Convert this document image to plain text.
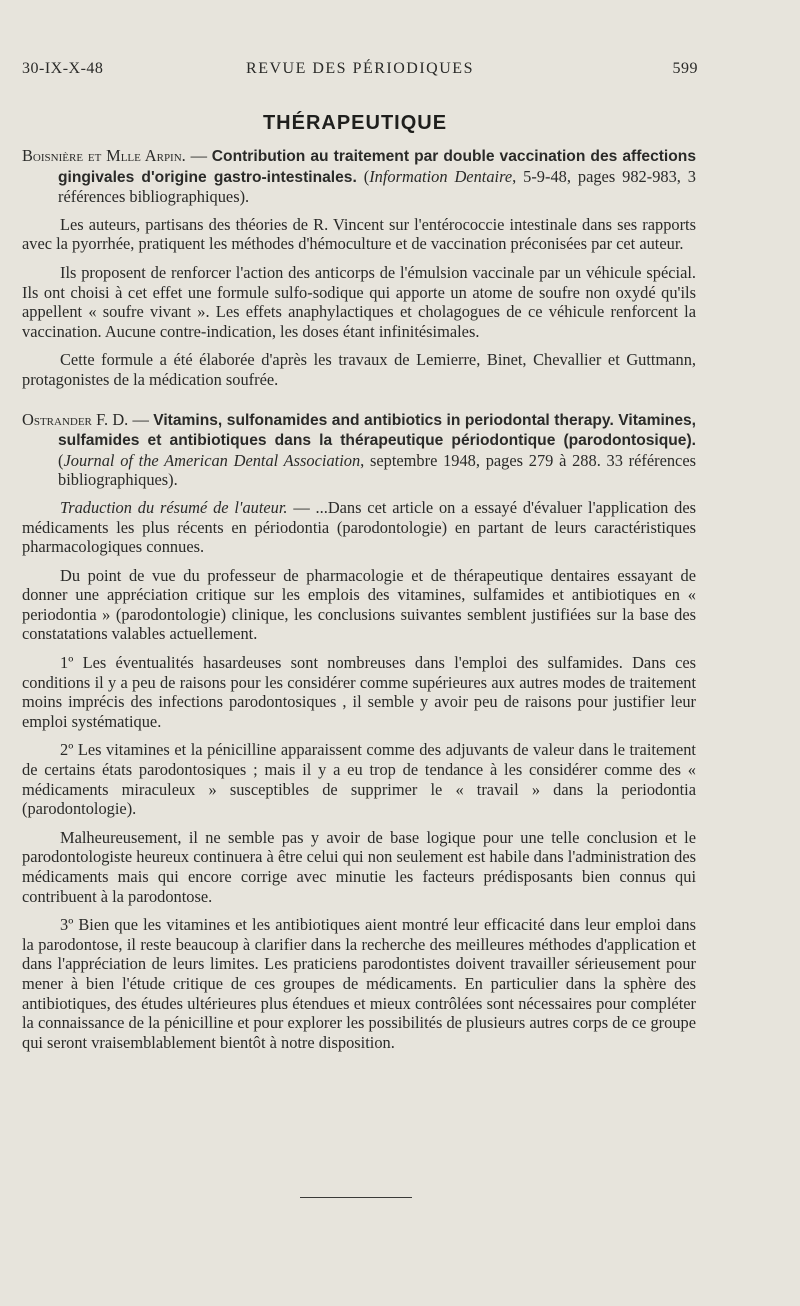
30-IX-X-48	REVUE DES PÉRIODIQUES	599
THÉRAPEUTIQUE

Boisnière et Mlle Arpin. — Contribution au traitement par double vaccination des affections gingivales d'origine gastro-intestinales. (Information Dentaire, 5-9-48, pages 982-983, 3 références bibliographiques).

Les auteurs, partisans des théories de R. Vincent sur l'entérococcie intestinale dans ses rapports avec la pyorrhée, pratiquent les méthodes d'hémoculture et de vaccination préconisées par cet auteur.

Ils proposent de renforcer l'action des anticorps de l'émulsion vaccinale par un véhicule spécial. Ils ont choisi à cet effet une formule sulfo-sodique qui apporte un atome de soufre non oxydé qu'ils appellent « soufre vivant ». Les effets anaphylactiques et cholagogues de ce véhicule renforcent la vaccination. Aucune contre-indication, les doses étant infinitésimales.

Cette formule a été élaborée d'après les travaux de Lemierre, Binet, Chevallier et Guttmann, protagonistes de la médication soufrée.

Ostrander F. D. — Vitamins, sulfonamides and antibiotics in periodontal therapy. Vitamines, sulfamides et antibiotiques dans la thérapeutique périodontique (parodontosique). (Journal of the American Dental Association, septembre 1948, pages 279 à 288. 33 références bibliographiques).

Traduction du résumé de l'auteur. — ...Dans cet article on a essayé d'évaluer l'application des médicaments les plus récents en périodontia (parodontologie) en partant de leurs caractéristiques pharmacologiques connues.

Du point de vue du professeur de pharmacologie et de thérapeutique dentaires essayant de donner une appréciation critique sur les emplois des vitamines, sulfamides et antibiotiques en « periodontia » (parodontologie) clinique, les conclusions suivantes semblent justifiées sur la base des constatations valables actuellement.

1º Les éventualités hasardeuses sont nombreuses dans l'emploi des sulfamides. Dans ces conditions il y a peu de raisons pour les considérer comme supérieures aux autres modes de traitement moins imprécis des infections parodontosiques , il semble y avoir peu de raisons pour justifier leur emploi systématique.

2º Les vitamines et la pénicilline apparaissent comme des adjuvants de valeur dans le traitement de certains états parodontosiques ; mais il y a eu trop de tendance à les considérer comme des « médicaments miraculeux » susceptibles de supprimer le « travail » dans la periodontia (parodontologie).

Malheureusement, il ne semble pas y avoir de base logique pour une telle conclusion et le parodontologiste heureux continuera à être celui qui non seulement est habile dans l'administration des médicaments mais qui encore corrige avec minutie les facteurs prédisposants bien connus qui contribuent à la parodontose.

3º Bien que les vitamines et les antibiotiques aient montré leur efficacité dans leur emploi dans la parodontose, il reste beaucoup à clarifier dans la recherche des meilleures méthodes d'application et dans l'appréciation de leurs limites. Les praticiens parodontistes doivent travailler sérieusement pour mener à bien l'étude critique de ces groupes de médicaments. En particulier dans la sphère des antibiotiques, des études ultérieures plus étendues et mieux contrôlées sont nécessaires pour compléter la connaissance de la pénicilline et pour explorer les possibilités de plusieurs autres corps de ce groupe qui seront vraisemblablement bientôt à notre disposition.
